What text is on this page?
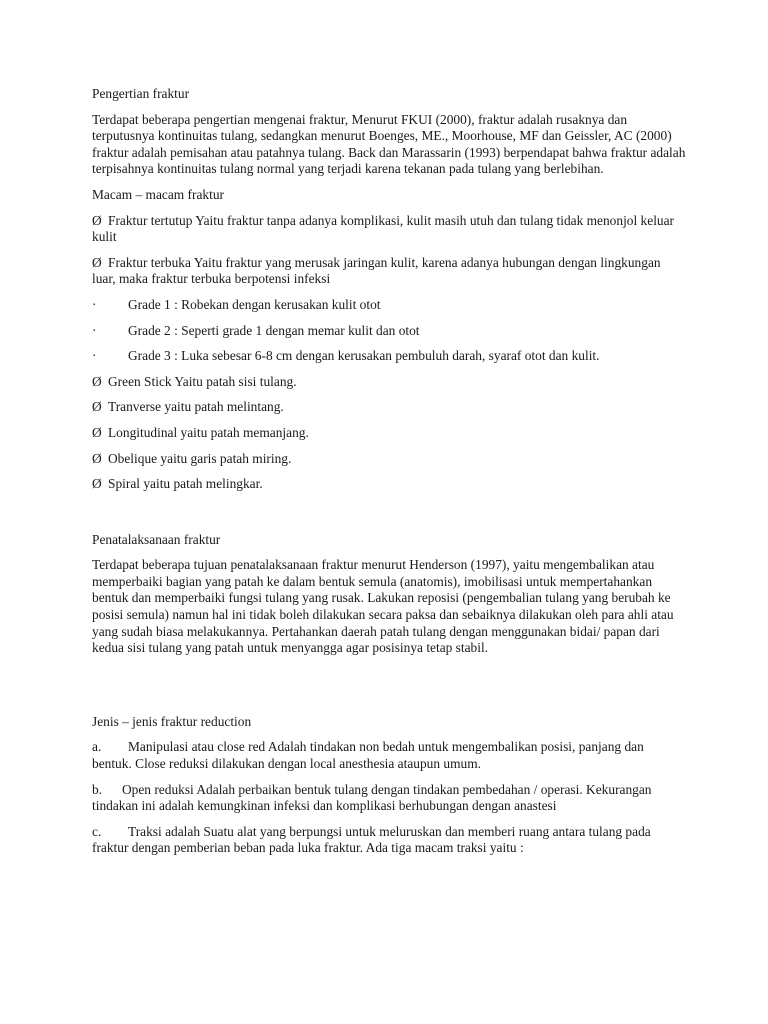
Pengertian fraktur

Terdapat beberapa pengertian mengenai fraktur, Menurut FKUI (2000), fraktur adalah rusaknya dan terputusnya kontinuitas tulang, sedangkan menurut Boenges, ME., Moorhouse, MF dan Geissler, AC (2000) fraktur adalah pemisahan atau patahnya tulang. Back dan Marassarin (1993) berpendapat bahwa fraktur adalah terpisahnya kontinuitas tulang normal yang terjadi karena tekanan pada tulang yang berlebihan.

Macam – macam fraktur
Ø Fraktur tertutup Yaitu fraktur tanpa adanya komplikasi, kulit masih utuh dan tulang tidak menonjol keluar kulit
Ø Fraktur terbuka Yaitu fraktur yang merusak jaringan kulit, karena adanya hubungan dengan lingkungan luar, maka fraktur terbuka berpotensi infeksi
· Grade 1 : Robekan dengan kerusakan kulit otot
· Grade 2 : Seperti grade 1 dengan memar kulit dan otot
· Grade 3 : Luka sebesar 6-8 cm dengan kerusakan pembuluh darah, syaraf otot dan kulit.
Ø Green Stick Yaitu patah sisi tulang.
Ø Tranverse yaitu patah melintang.
Ø Longitudinal yaitu patah memanjang.
Ø Obelique yaitu garis patah miring.
Ø Spiral yaitu patah melingkar.
Penatalaksanaan fraktur

Terdapat beberapa tujuan penatalaksanaan fraktur menurut Henderson (1997), yaitu mengembalikan atau memperbaiki bagian yang patah ke dalam bentuk semula (anatomis), imobilisasi untuk mempertahankan bentuk dan memperbaiki fungsi tulang yang rusak. Lakukan reposisi (pengembalian tulang yang berubah ke posisi semula) namun hal ini tidak boleh dilakukan secara paksa dan sebaiknya dilakukan oleh para ahli atau yang sudah biasa melakukannya. Pertahankan daerah patah tulang dengan menggunakan bidai/ papan dari kedua sisi tulang yang patah untuk menyangga agar posisinya tetap stabil.

Jenis – jenis fraktur reduction
a. Manipulasi atau close red Adalah tindakan non bedah untuk mengembalikan posisi, panjang dan bentuk. Close reduksi dilakukan dengan local anesthesia ataupun umum.
b. Open reduksi Adalah perbaikan bentuk tulang dengan tindakan pembedahan / operasi. Kekurangan tindakan ini adalah kemungkinan infeksi dan komplikasi berhubungan dengan anastesi
c. Traksi adalah Suatu alat yang berpungsi untuk meluruskan dan memberi ruang antara tulang pada fraktur dengan pemberian beban pada luka fraktur. Ada tiga macam traksi yaitu :
